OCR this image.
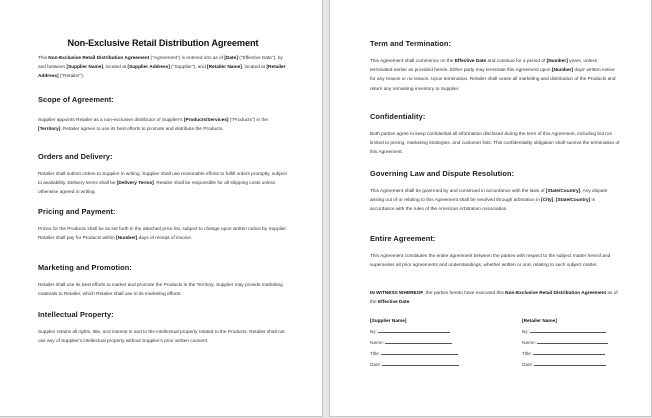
Non-Exclusive Retail Distribution Agreement
This Non-Exclusive Retail Distribution Agreement ("Agreement") is entered into as of [Date] ("Effective Date"), by and between [Supplier Name], located at [Supplier Address] ("Supplier"), and [Retailer Name], located at [Retailer Address] ("Retailer").
Scope of Agreement:
Supplier appoints Retailer as a non-exclusive distributor of Supplier's [Products/Services] ("Products") in the [Territory]. Retailer agrees to use its best efforts to promote and distribute the Products.
Orders and Delivery:
Retailer shall submit orders to Supplier in writing. Supplier shall use reasonable efforts to fulfill orders promptly, subject to availability. Delivery terms shall be [Delivery Terms]. Retailer shall be responsible for all shipping costs unless otherwise agreed in writing.
Pricing and Payment:
Prices for the Products shall be as set forth in the attached price list, subject to change upon written notice by Supplier. Retailer shall pay for Products within [Number] days of receipt of invoice.
Marketing and Promotion:
Retailer shall use its best efforts to market and promote the Products in the Territory. Supplier may provide marketing materials to Retailer, which Retailer shall use in its marketing efforts.
Intellectual Property:
Supplier retains all rights, title, and interest in and to the intellectual property related to the Products. Retailer shall not use any of Supplier's intellectual property without Supplier's prior written consent.
Term and Termination:
This Agreement shall commence on the Effective Date and continue for a period of [Number] years, unless terminated earlier as provided herein. Either party may terminate this Agreement upon [Number] days' written notice for any reason or no reason. Upon termination, Retailer shall cease all marketing and distribution of the Products and return any remaining inventory to Supplier.
Confidentiality:
Both parties agree to keep confidential all information disclosed during the term of this Agreement, including but not limited to pricing, marketing strategies, and customer lists. This confidentiality obligation shall survive the termination of this Agreement.
Governing Law and Dispute Resolution:
This Agreement shall be governed by and construed in accordance with the laws of [State/Country]. Any dispute arising out of or relating to this Agreement shall be resolved through arbitration in [City], [State/Country] in accordance with the rules of the American Arbitration Association.
Entire Agreement:
This Agreement constitutes the entire agreement between the parties with respect to the subject matter hereof and supersedes all prior agreements and understandings, whether written or oral, relating to such subject matter.
IN WITNESS WHEREOF, the parties hereto have executed this Non-Exclusive Retail Distribution Agreement as of the Effective Date.
[Supplier Name]
By:
Name:
Title:
Date:
[Retailer Name]
By:
Name:
Title:
Date:
